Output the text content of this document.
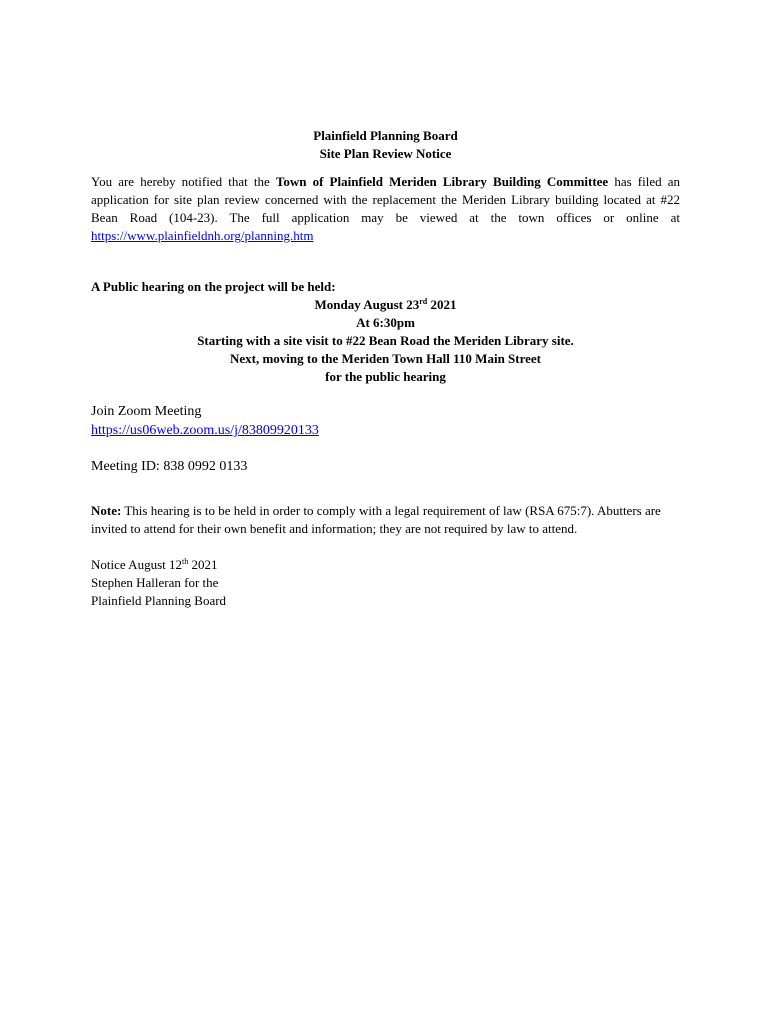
Plainfield Planning Board
Site Plan Review Notice

You are hereby notified that the Town of Plainfield Meriden Library Building Committee has filed an application for site plan review concerned with the replacement the Meriden Library building located at #22 Bean Road (104-23). The full application may be viewed at the town offices or online at https://www.plainfieldnh.org/planning.htm

A Public hearing on the project will be held:
Monday August 23rd 2021
At 6:30pm
Starting with a site visit to #22 Bean Road the Meriden Library site.
Next, moving to the Meriden Town Hall 110 Main Street
for the public hearing
Join Zoom Meeting
https://us06web.zoom.us/j/83809920133
Meeting ID: 838 0992 0133

Note: This hearing is to be held in order to comply with a legal requirement of law (RSA 675:7). Abutters are invited to attend for their own benefit and information; they are not required by law to attend.

Notice August 12th 2021
Stephen Halleran for the
Plainfield Planning Board
